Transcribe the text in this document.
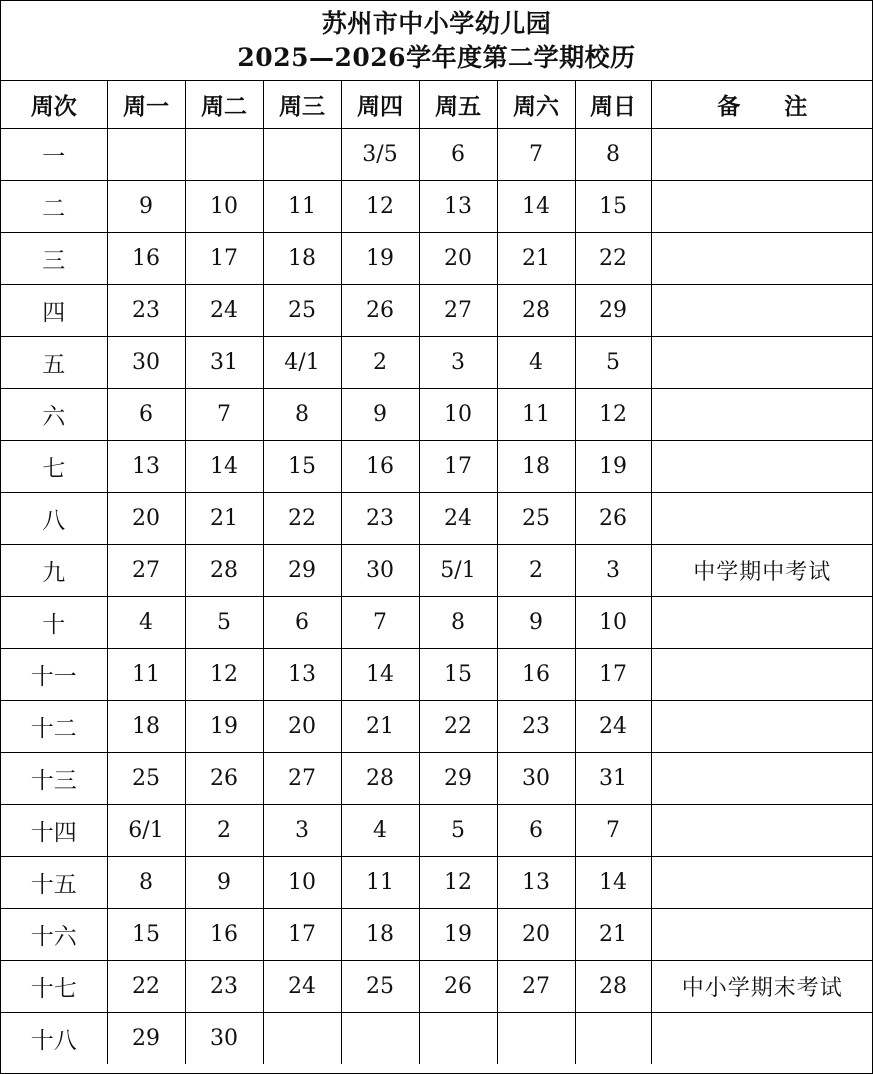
苏州市中小学幼儿园
2025—2026学年度第二学期校历
周次	周一	周二	周三	周四	周五	周六	周日	备 注
一				3/5	6	7	8	
二	9	10	11	12	13	14	15	
三	16	17	18	19	20	21	22	
四	23	24	25	26	27	28	29	
五	30	31	4/1	2	3	4	5	
六	6	7	8	9	10	11	12	
七	13	14	15	16	17	18	19	
八	20	21	22	23	24	25	26	
九	27	28	29	30	5/1	2	3	中学期中考试
十	4	5	6	7	8	9	10	
十一	11	12	13	14	15	16	17	
十二	18	19	20	21	22	23	24	
十三	25	26	27	28	29	30	31	
十四	6/1	2	3	4	5	6	7	
十五	8	9	10	11	12	13	14	
十六	15	16	17	18	19	20	21	
十七	22	23	24	25	26	27	28	中小学期末考试
十八	29	30						
